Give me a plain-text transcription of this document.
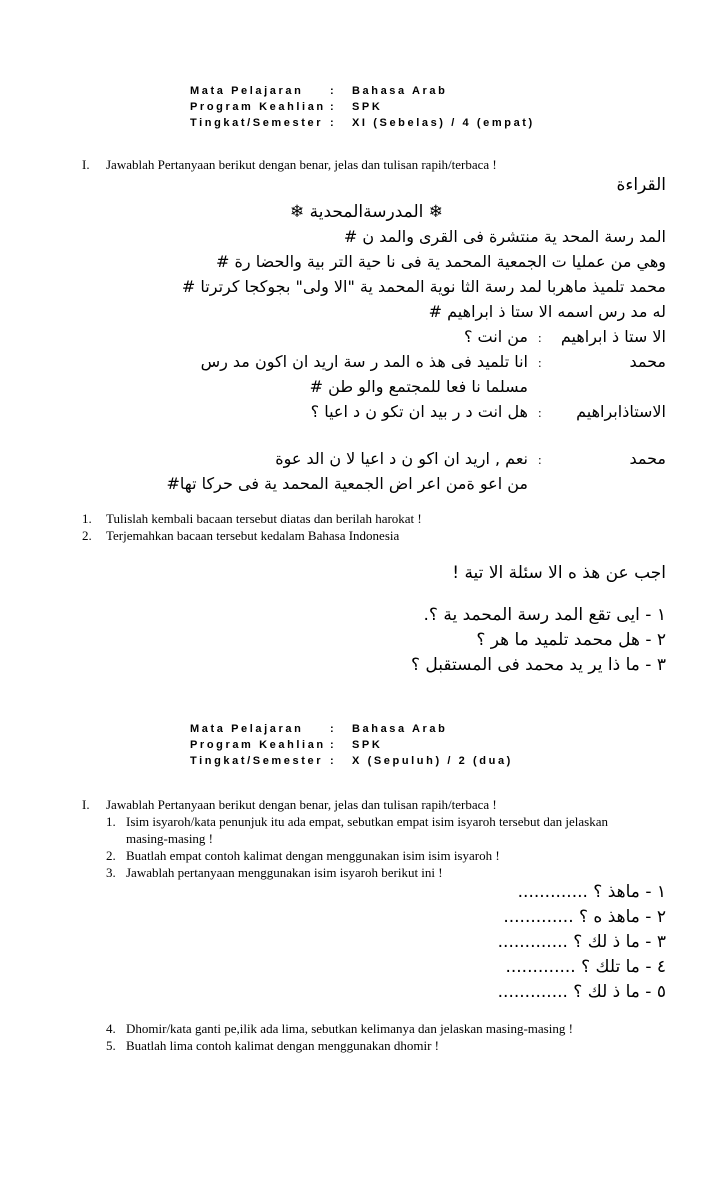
Mata Pelajaran : Bahasa Arab
Program Keahlian : SPK
Tingkat/Semester : XI (Sebelas) / 4 (empat)
I. Jawablah Pertanyaan berikut dengan benar, jelas dan tulisan rapih/terbaca !
القراءة
❄ المدرسةالمحدية ❄
المد رسة المحد ية منتشرة فى القرى والمد ن #
وهي من عمليا ت الجمعية المحمد ية فى نا حية التر بية والحضا رة #
محمد تلميذ ماهربا لمد رسة الثا نوية المحمد ية "الا ولى" بجوكجا كرترتا #
له مد رس اسمه الا ستا ذ ابراهيم #
الا ستا ذ ابراهيم
:
من انت ؟
محمد
:
انا تلميد فى هذ ه المد ر سة اريد ان اكون مد رس
مسلما نا فعا للمجتمع والو طن #
الاستاذابراهيم
:
هل انت د ر بيد ان تكو ن د اعيا ؟
محمد
:
نعم , اريد ان اكو ن د اعيا لا ن الد عوة
من اعو ةمن اعر اض الجمعية المحمد ية فى حركا تها#
1. Tulislah kembali bacaan tersebut diatas dan berilah harokat !
2. Terjemahkan bacaan tersebut kedalam Bahasa Indonesia
اجب عن هذ ه الا سئلة الا تية !
١ - ايى تقع المد رسة المحمد ية ؟.
٢ - هل محمد تلميد ما هر ؟
٣ - ما ذا ير يد محمد فى المستقبل ؟
Mata Pelajaran : Bahasa Arab
Program Keahlian : SPK
Tingkat/Semester : X (Sepuluh) / 2 (dua)
I. Jawablah Pertanyaan berikut dengan benar, jelas dan tulisan rapih/terbaca !
1. Isim isyaroh/kata penunjuk itu ada empat, sebutkan empat isim isyaroh tersebut dan jelaskan
masing-masing !
2. Buatlah empat contoh kalimat dengan menggunakan isim isim isyaroh !
3. Jawablah pertanyaan menggunakan isim isyaroh berikut ini !
١ - ماهذ ؟ .............
٢ - ماهذ ه ؟ .............
٣ - ما ذ لك ؟ .............
٤ - ما تلك ؟ .............
٥ - ما ذ لك ؟ .............
4. Dhomir/kata ganti pe,ilik ada lima, sebutkan kelimanya dan jelaskan masing-masing !
5. Buatlah lima contoh kalimat dengan menggunakan dhomir !
